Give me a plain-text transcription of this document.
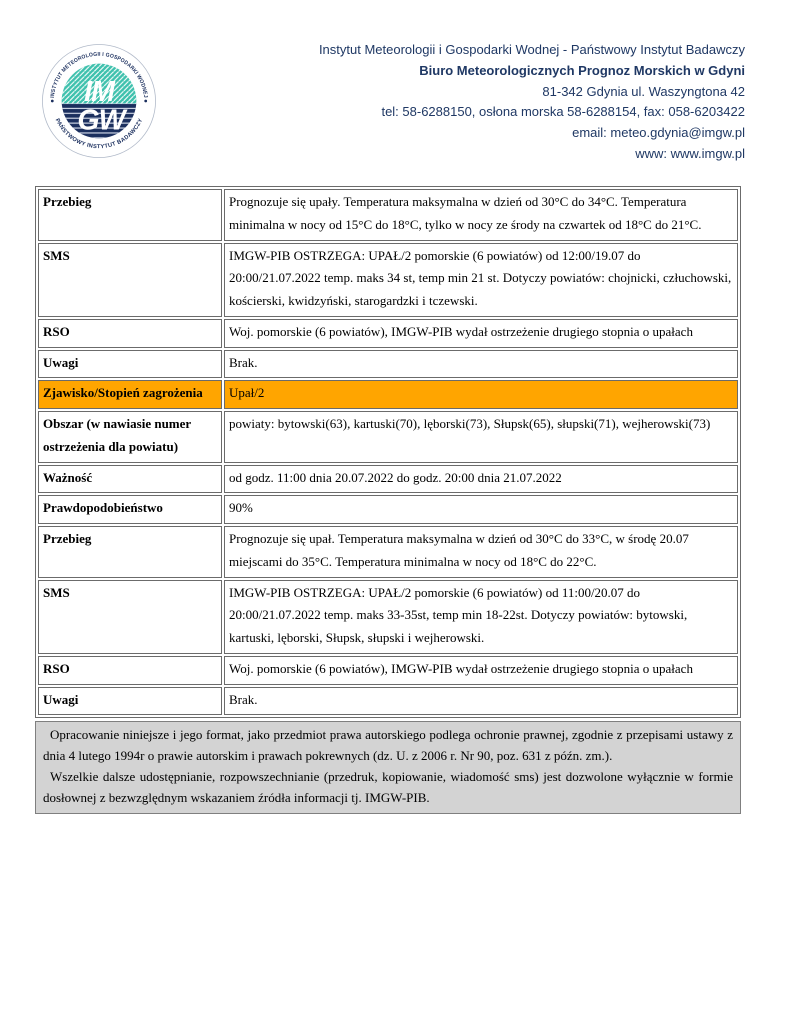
IM
GW
INSTYTUT METEOROLOGII I GOSPODARKI WODNEJ
PAŃSTWOWY INSTYTUT BADAWCZY
Instytut Meteorologii i Gospodarki Wodnej - Państwowy Instytut Badawczy
Biuro Meteorologicznych Prognoz Morskich w Gdyni
81-342 Gdynia ul. Waszyngtona 42
tel: 58-6288150, osłona morska 58-6288154, fax: 058-6203422
email: meteo.gdynia@imgw.pl
www: www.imgw.pl
Przebieg	Prognozuje się upały. Temperatura maksymalna w dzień od 30°C do 34°C. Temperatura minimalna w nocy od 15°C do 18°C, tylko w nocy ze środy na czwartek od 18°C do 21°C.
SMS	IMGW-PIB OSTRZEGA: UPAŁ/2 pomorskie (6 powiatów) od 12:00/19.07 do 20:00/21.07.2022 temp. maks 34 st, temp min 21 st. Dotyczy powiatów: chojnicki, człuchowski, kościerski, kwidzyński, starogardzki i tczewski.
RSO	Woj. pomorskie (6 powiatów), IMGW-PIB wydał ostrzeżenie drugiego stopnia o upałach
Uwagi	Brak.
Zjawisko/Stopień zagrożenia	Upał/2
Obszar (w nawiasie numer ostrzeżenia dla powiatu)	powiaty: bytowski(63), kartuski(70), lęborski(73), Słupsk(65), słupski(71), wejherowski(73)
Ważność	od godz. 11:00 dnia 20.07.2022 do godz. 20:00 dnia 21.07.2022
Prawdopodobieństwo	90%
Przebieg	Prognozuje się upał. Temperatura maksymalna w dzień od 30°C do 33°C, w środę 20.07 miejscami do 35°C. Temperatura minimalna w nocy od 18°C do 22°C.
SMS	IMGW-PIB OSTRZEGA: UPAŁ/2 pomorskie (6 powiatów) od 11:00/20.07 do 20:00/21.07.2022 temp. maks 33-35st, temp min 18-22st. Dotyczy powiatów: bytowski, kartuski, lęborski, Słupsk, słupski i wejherowski.
RSO	Woj. pomorskie (6 powiatów), IMGW-PIB wydał ostrzeżenie drugiego stopnia o upałach
Uwagi	Brak.

Opracowanie niniejsze i jego format, jako przedmiot prawa autorskiego podlega ochronie prawnej, zgodnie z przepisami ustawy z dnia 4 lutego 1994r o prawie autorskim i prawach pokrewnych (dz. U. z 2006 r. Nr 90, poz. 631 z późn. zm.).

Wszelkie dalsze udostępnianie, rozpowszechnianie (przedruk, kopiowanie, wiadomość sms) jest dozwolone wyłącznie w formie dosłownej z bezwzględnym wskazaniem źródła informacji tj. IMGW-PIB.
